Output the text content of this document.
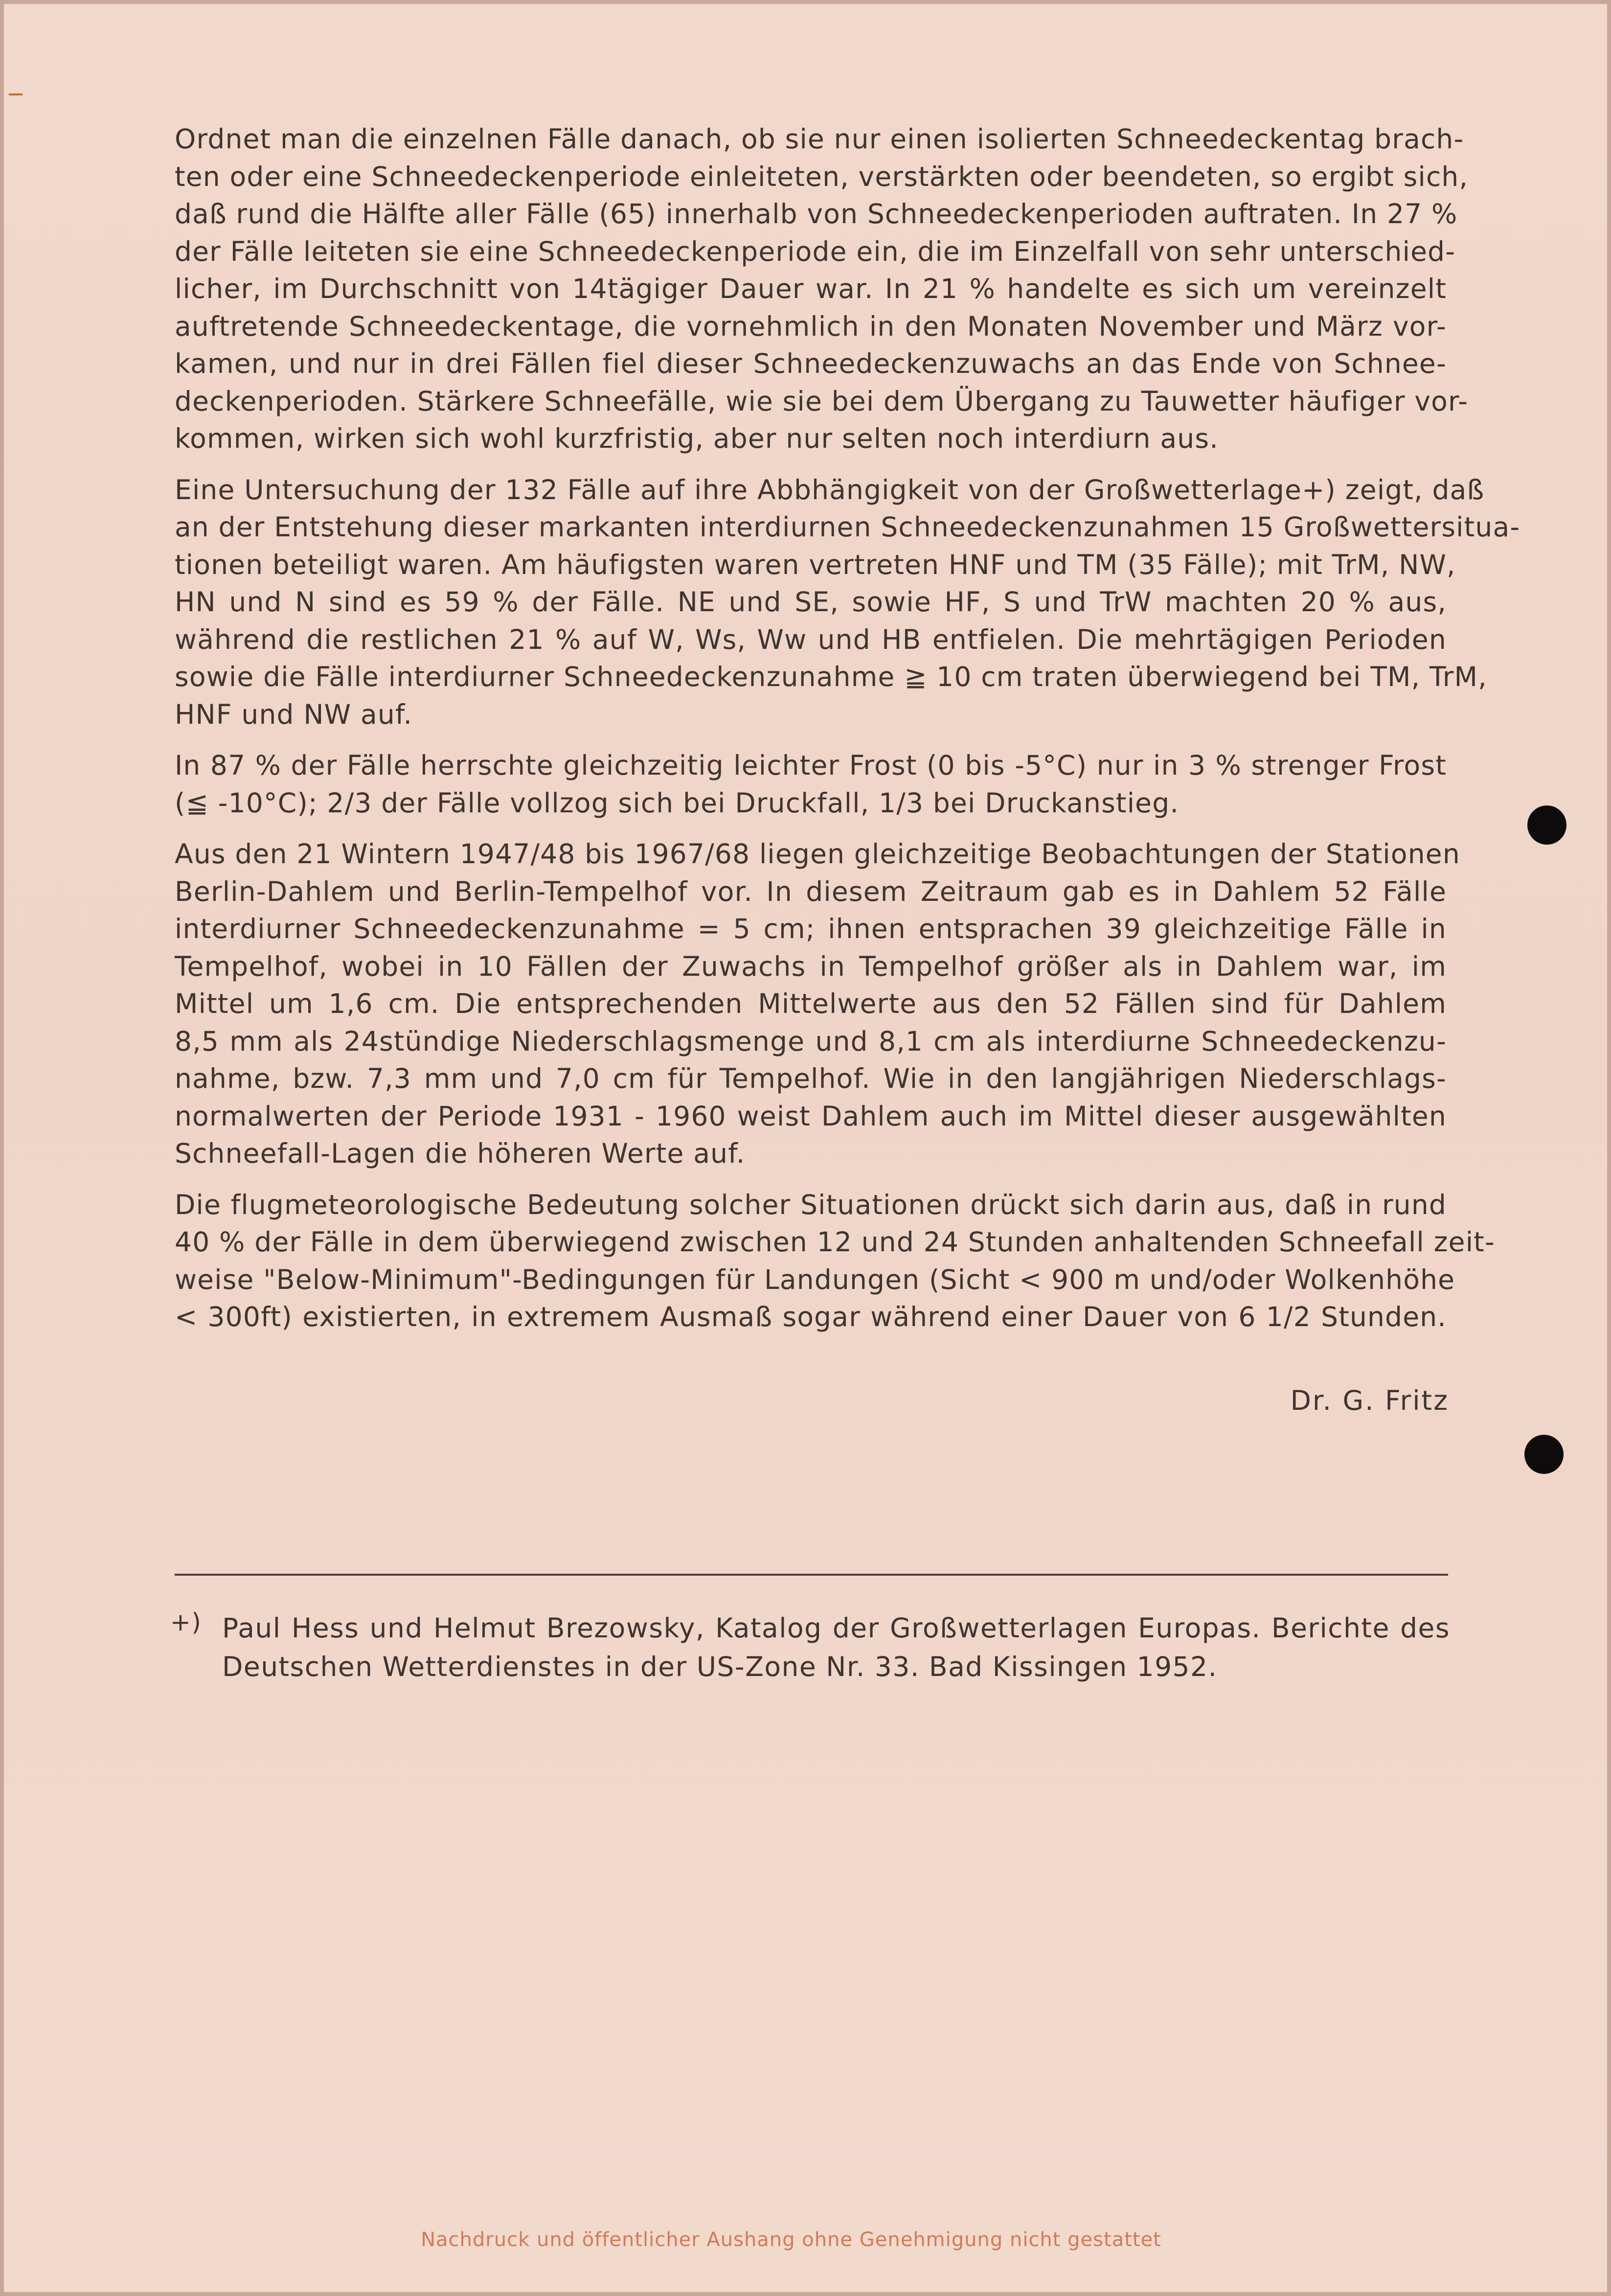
Ordnet man die einzelnen Fälle danach, ob sie nur einen isolierten Schneedeckentag brach-
ten oder eine Schneedeckenperiode einleiteten, verstärkten oder beendeten, so ergibt sich,
daß rund die Hälfte aller Fälle (65) innerhalb von Schneedeckenperioden auftraten. In 27 %
der Fälle leiteten sie eine Schneedeckenperiode ein, die im Einzelfall von sehr unterschied-
licher, im Durchschnitt von 14tägiger Dauer war. In 21 % handelte es sich um vereinzelt
auftretende Schneedeckentage, die vornehmlich in den Monaten November und März vor-
kamen, und nur in drei Fällen fiel dieser Schneedeckenzuwachs an das Ende von Schnee-
deckenperioden. Stärkere Schneefälle, wie sie bei dem Übergang zu Tauwetter häufiger vor-
kommen, wirken sich wohl kurzfristig, aber nur selten noch interdiurn aus.
Eine Untersuchung der 132 Fälle auf ihre Abbhängigkeit von der Großwetterlage+) zeigt, daß
an der Entstehung dieser markanten interdiurnen Schneedeckenzunahmen 15 Großwettersitua-
tionen beteiligt waren. Am häufigsten waren vertreten HNF und TM (35 Fälle); mit TrM, NW,
HN und N sind es 59 % der Fälle. NE und SE, sowie HF, S und TrW machten 20 % aus,
während die restlichen 21 % auf W, Ws, Ww und HB entfielen. Die mehrtägigen Perioden
sowie die Fälle interdiurner Schneedeckenzunahme ≧ 10 cm traten überwiegend bei TM, TrM,
HNF und NW auf.
In 87 % der Fälle herrschte gleichzeitig leichter Frost (0 bis -5°C) nur in 3 % strenger Frost
(≦ -10°C); 2/3 der Fälle vollzog sich bei Druckfall, 1/3 bei Druckanstieg.
Aus den 21 Wintern 1947/48 bis 1967/68 liegen gleichzeitige Beobachtungen der Stationen
Berlin-Dahlem und Berlin-Tempelhof vor. In diesem Zeitraum gab es in Dahlem 52 Fälle
interdiurner Schneedeckenzunahme = 5 cm; ihnen entsprachen 39 gleichzeitige Fälle in
Tempelhof, wobei in 10 Fällen der Zuwachs in Tempelhof größer als in Dahlem war, im
Mittel um 1,6 cm. Die entsprechenden Mittelwerte aus den 52 Fällen sind für Dahlem
8,5 mm als 24stündige Niederschlagsmenge und 8,1 cm als interdiurne Schneedeckenzu-
nahme, bzw. 7,3 mm und 7,0 cm für Tempelhof. Wie in den langjährigen Niederschlags-
normalwerten der Periode 1931 - 1960 weist Dahlem auch im Mittel dieser ausgewählten
Schneefall-Lagen die höheren Werte auf.
Die flugmeteorologische Bedeutung solcher Situationen drückt sich darin aus, daß in rund
40 % der Fälle in dem überwiegend zwischen 12 und 24 Stunden anhaltenden Schneefall zeit-
weise "Below-Minimum"-Bedingungen für Landungen (Sicht < 900 m und/oder Wolkenhöhe
< 300ft) existierten, in extremem Ausmaß sogar während einer Dauer von 6 1/2 Stunden.
Dr. G. Fritz
+) Paul Hess und Helmut Brezowsky, Katalog der Großwetterlagen Europas. Berichte des
Deutschen Wetterdienstes in der US-Zone Nr. 33. Bad Kissingen 1952.
Nachdruck und öffentlicher Aushang ohne Genehmigung nicht gestattet
